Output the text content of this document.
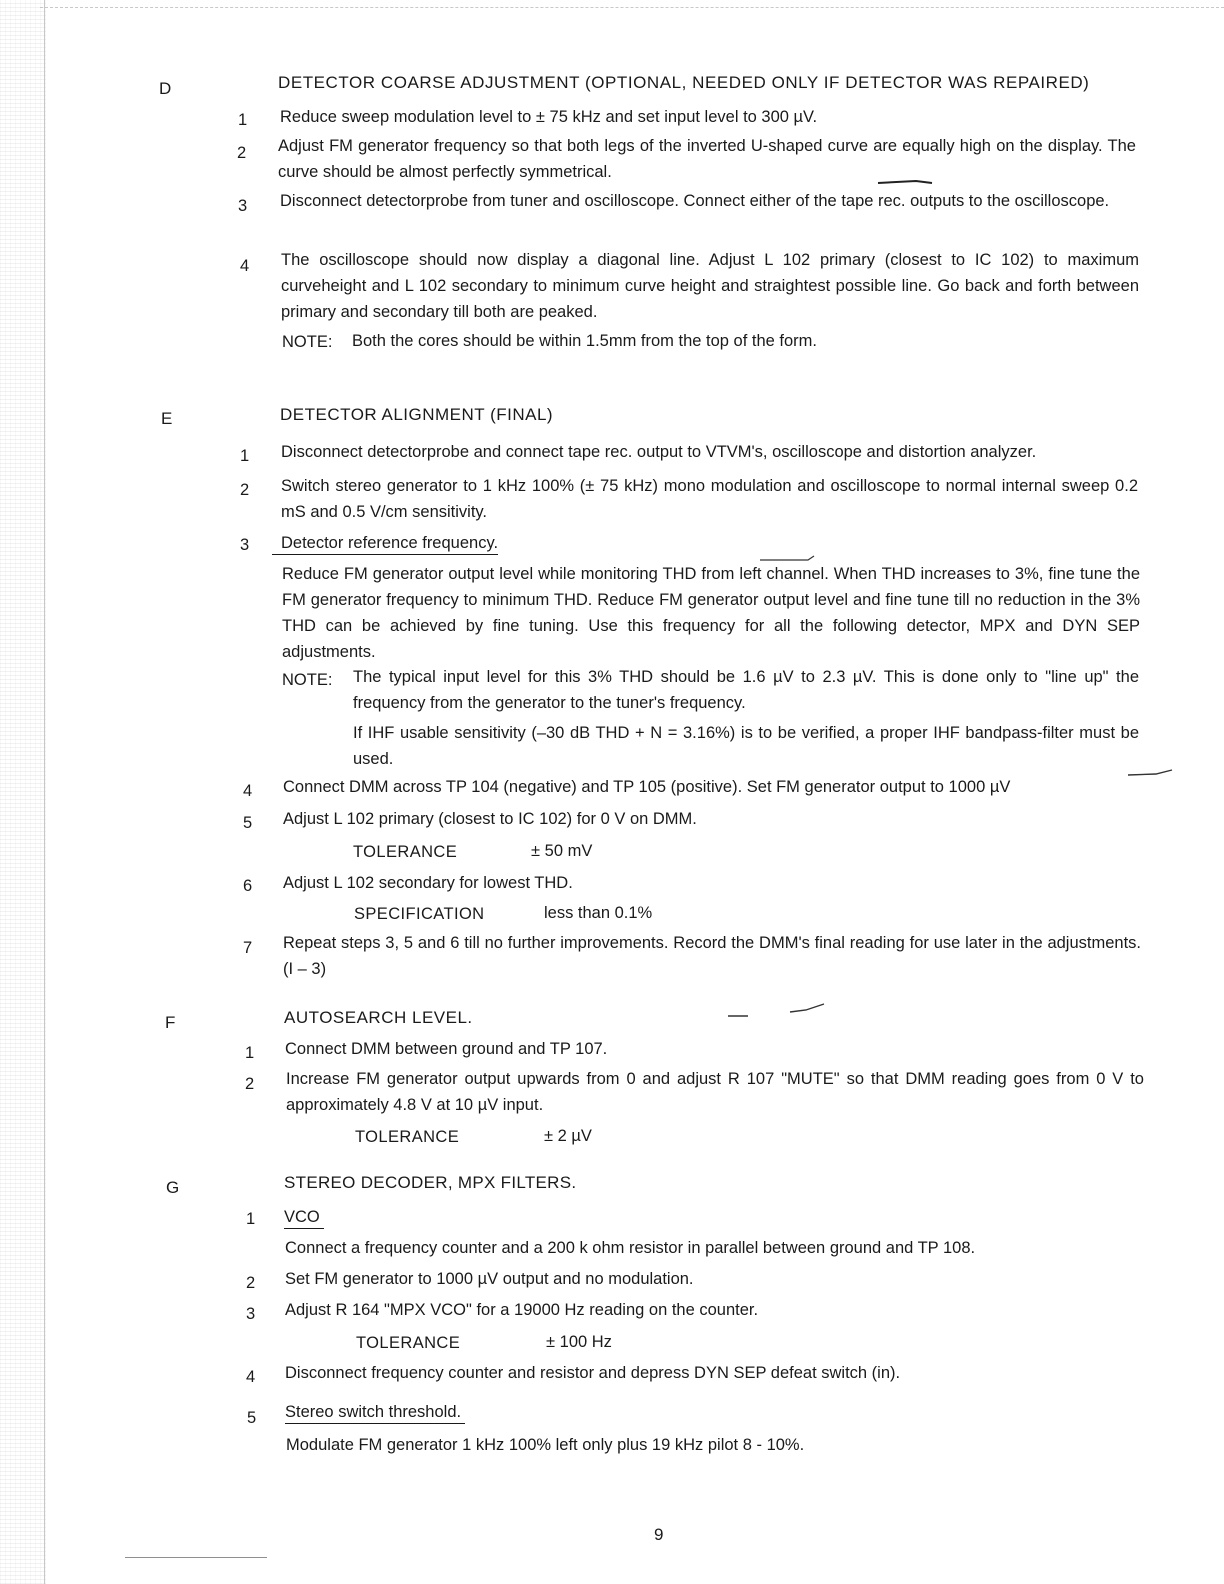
D	DETECTOR COARSE ADJUSTMENT (OPTIONAL, NEEDED ONLY IF DETECTOR WAS REPAIRED)
1 Reduce sweep modulation level to ± 75 kHz and set input level to 300 µV.
2 Adjust FM generator frequency so that both legs of the inverted U-shaped curve are equally high on the display. The curve should be almost perfectly symmetrical.
3 Disconnect detectorprobe from tuner and oscilloscope. Connect either of the tape rec. outputs to the oscilloscope.
4 The oscilloscope should now display a diagonal line. Adjust L 102 primary (closest to IC 102) to maximum curveheight and L 102 secondary to minimum curve height and straightest possible line. Go back and forth between primary and secondary till both are peaked.
NOTE: Both the cores should be within 1.5mm from the top of the form.
E	DETECTOR ALIGNMENT (FINAL)
1 Disconnect detectorprobe and connect tape rec. output to VTVM's, oscilloscope and distortion analyzer.
2 Switch stereo generator to 1 kHz 100% (± 75 kHz) mono modulation and oscilloscope to normal internal sweep 0.2 mS and 0.5 V/cm sensitivity.
3	Detector reference frequency.
Reduce FM generator output level while monitoring THD from left channel. When THD increases to 3%, fine tune the FM generator frequency to minimum THD. Reduce FM generator output level and fine tune till no reduction in the 3% THD can be achieved by fine tuning. Use this frequency for all the following detector, MPX and DYN SEP adjustments.
NOTE: The typical input level for this 3% THD should be 1.6 µV to 2.3 µV. This is done only to "line up" the frequency from the generator to the tuner's frequency.
If IHF usable sensitivity (–30 dB THD + N = 3.16%) is to be verified, a proper IHF bandpass-filter must be used.
4 Connect DMM across TP 104 (negative) and TP 105 (positive). Set FM generator output to 1000 µV
5 Adjust L 102 primary (closest to IC 102) for 0 V on DMM.
TOLERANCE	± 50 mV
6 Adjust L 102 secondary for lowest THD.
SPECIFICATION	less than 0.1%
7 Repeat steps 3, 5 and 6 till no further improvements. Record the DMM's final reading for use later in the adjustments. (I – 3)
F	AUTOSEARCH LEVEL.
1 Connect DMM between ground and TP 107.
2 Increase FM generator output upwards from 0 and adjust R 107 "MUTE" so that DMM reading goes from 0 V to approximately 4.8 V at 10 µV input.
TOLERANCE	± 2 µV
G	STEREO DECODER, MPX FILTERS.
1 VCO
Connect a frequency counter and a 200 k ohm resistor in parallel between ground and TP 108.
2 Set FM generator to 1000 µV output and no modulation.
3 Adjust R 164 "MPX VCO" for a 19000 Hz reading on the counter.
TOLERANCE	± 100 Hz
4 Disconnect frequency counter and resistor and depress DYN SEP defeat switch (in).
5 Stereo switch threshold.
Modulate FM generator 1 kHz 100% left only plus 19 kHz pilot 8 - 10%.
9
